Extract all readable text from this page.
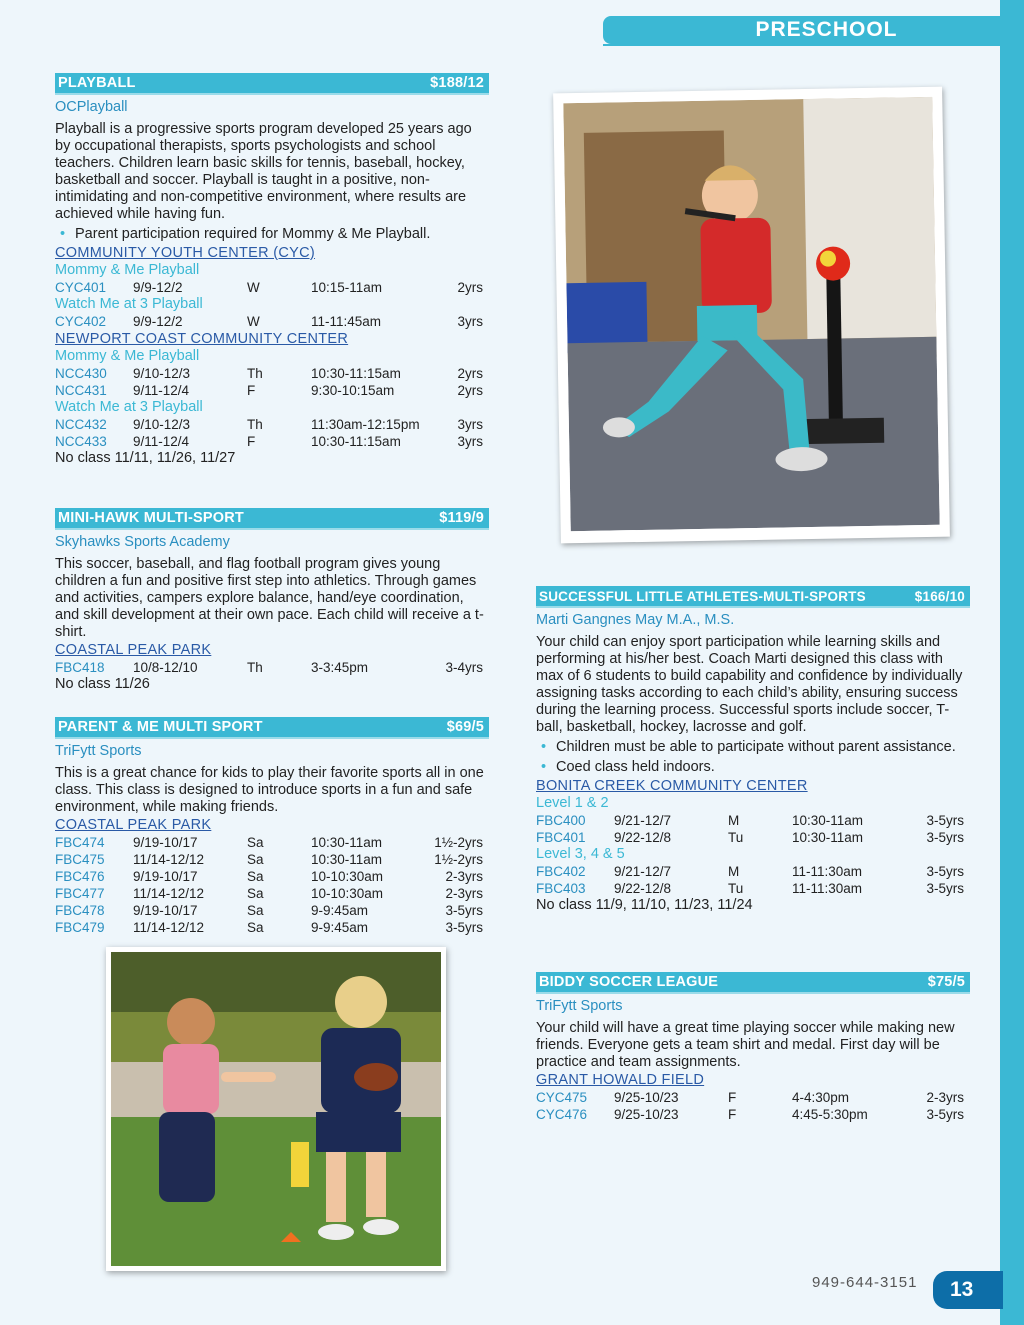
PRESCHOOL
PLAYBALL	$188/12
OCPlayball
Playball is a progressive sports program developed 25 years ago by occupational therapists, sports psychologists and school teachers. Children learn basic skills for tennis, baseball, hockey, basketball and soccer. Playball is taught in a positive, non-intimidating and non-competitive environment, where results are achieved while having fun.
• Parent participation required for Mommy & Me Playball.
COMMUNITY YOUTH CENTER (CYC)
Mommy & Me Playball
CYC401	9/9-12/2	W	10:15-11am	2yrs
Watch Me at 3 Playball
CYC402	9/9-12/2	W	11-11:45am	3yrs
NEWPORT COAST COMMUNITY CENTER
Mommy & Me Playball
NCC430	9/10-12/3	Th	10:30-11:15am	2yrs
NCC431	9/11-12/4	F	9:30-10:15am	2yrs
Watch Me at 3 Playball
NCC432	9/10-12/3	Th	11:30am-12:15pm	3yrs
NCC433	9/11-12/4	F	10:30-11:15am	3yrs
No class 11/11, 11/26, 11/27
MINI-HAWK MULTI-SPORT	$119/9
Skyhawks Sports Academy
This soccer, baseball, and flag football program gives young children a fun and positive first step into athletics. Through games and activities, campers explore balance, hand/eye coordination, and skill development at their own pace. Each child will receive a t-shirt.
COASTAL PEAK PARK
FBC418	10/8-12/10	Th	3-3:45pm	3-4yrs
No class 11/26
PARENT & ME MULTI SPORT	$69/5
TriFytt Sports
This is a great chance for kids to play their favorite sports all in one class. This class is designed to introduce sports in a fun and safe environment, while making friends.
COASTAL PEAK PARK
FBC474	9/19-10/17	Sa	10:30-11am	1½-2yrs
FBC475	11/14-12/12	Sa	10:30-11am	1½-2yrs
FBC476	9/19-10/17	Sa	10-10:30am	2-3yrs
FBC477	11/14-12/12	Sa	10-10:30am	2-3yrs
FBC478	9/19-10/17	Sa	9-9:45am	3-5yrs
FBC479	11/14-12/12	Sa	9-9:45am	3-5yrs
SUCCESSFUL LITTLE ATHLETES-MULTI-SPORTS	$166/10
Marti Gangnes May M.A., M.S.
Your child can enjoy sport participation while learning skills and performing at his/her best. Coach Marti designed this class with max of 6 students to build capability and confidence by individually assigning tasks according to each child’s ability, ensuring success during the learning process. Successful sports include soccer, T-ball, basketball, hockey, lacrosse and golf.
• Children must be able to participate without parent assistance.
• Coed class held indoors.
BONITA CREEK COMMUNITY CENTER
Level 1 & 2
FBC400	9/21-12/7	M	10:30-11am	3-5yrs
FBC401	9/22-12/8	Tu	10:30-11am	3-5yrs
Level 3, 4 & 5
FBC402	9/21-12/7	M	11-11:30am	3-5yrs
FBC403	9/22-12/8	Tu	11-11:30am	3-5yrs
No class 11/9, 11/10, 11/23, 11/24
BIDDY SOCCER LEAGUE	$75/5
TriFytt Sports
Your child will have a great time playing soccer while making new friends. Everyone gets a team shirt and medal. First day will be practice and team assignments.
GRANT HOWALD FIELD
CYC475	9/25-10/23	F	4-4:30pm	2-3yrs
CYC476	9/25-10/23	F	4:45-5:30pm	3-5yrs
949-644-3151	13
